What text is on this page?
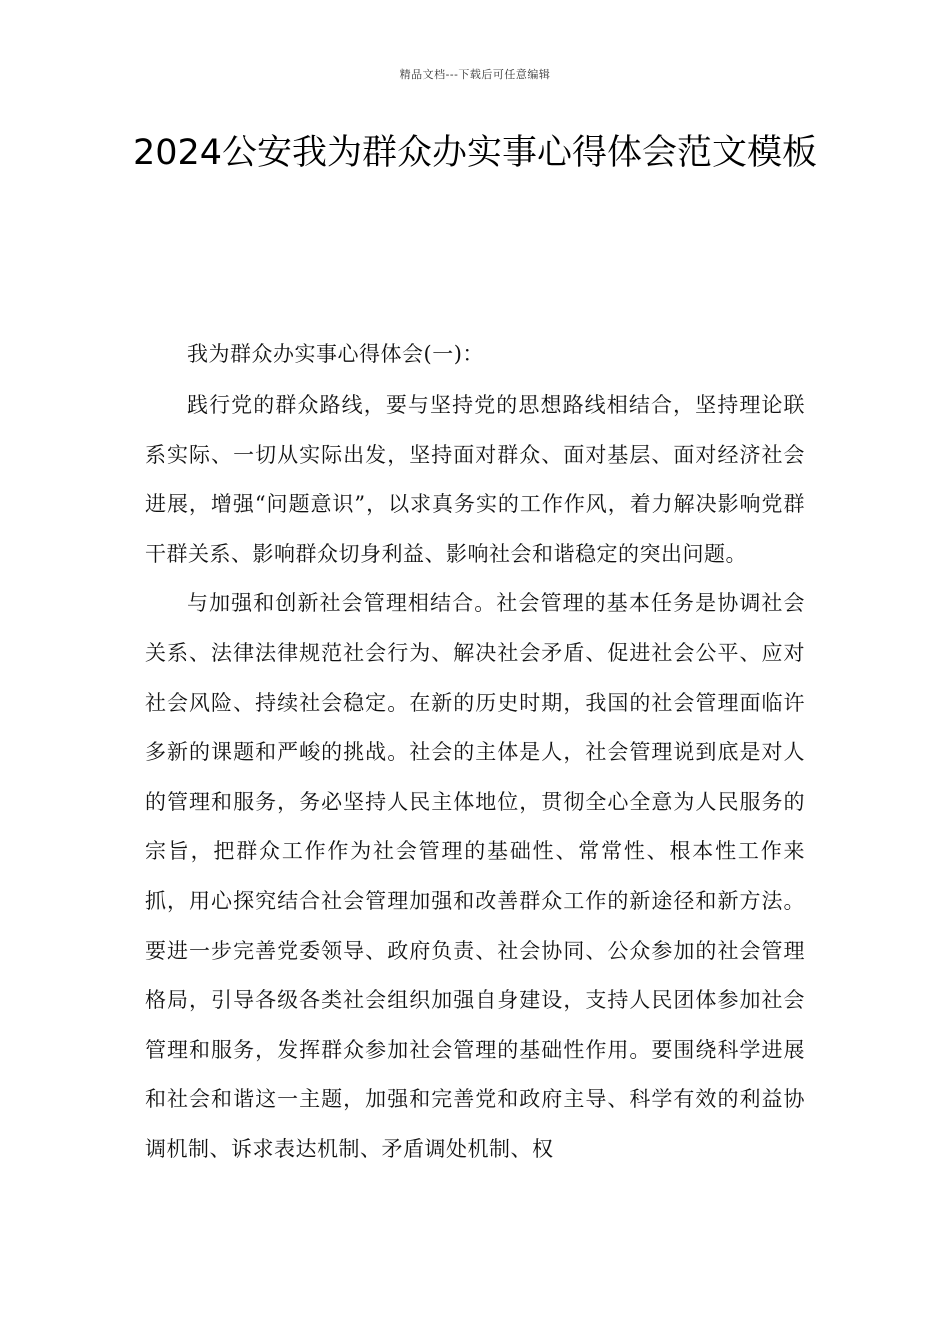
精品文档---下载后可任意编辑
2024公安我为群众办实事心得体会范文模板

我为群众办实事心得体会(一)：

践行党的群众路线，要与坚持党的思想路线相结合，坚持理论联系实际、一切从实际出发，坚持面对群众、面对基层、面对经济社会进展，增强“问题意识”，以求真务实的工作作风，着力解决影响党群干群关系、影响群众切身利益、影响社会和谐稳定的突出问题。

与加强和创新社会管理相结合。社会管理的基本任务是协调社会关系、法律法律规范社会行为、解决社会矛盾、促进社会公平、应对社会风险、持续社会稳定。在新的历史时期，我国的社会管理面临许多新的课题和严峻的挑战。社会的主体是人，社会管理说到底是对人的管理和服务，务必坚持人民主体地位，贯彻全心全意为人民服务的宗旨，把群众工作作为社会管理的基础性、常常性、根本性工作来抓，用心探究结合社会管理加强和改善群众工作的新途径和新方法。要进一步完善党委领导、政府负责、社会协同、公众参加的社会管理格局，引导各级各类社会组织加强自身建设，支持人民团体参加社会管理和服务，发挥群众参加社会管理的基础性作用。要围绕科学进展和社会和谐这一主题，加强和完善党和政府主导、科学有效的利益协调机制、诉求表达机制、矛盾调处机制、权
